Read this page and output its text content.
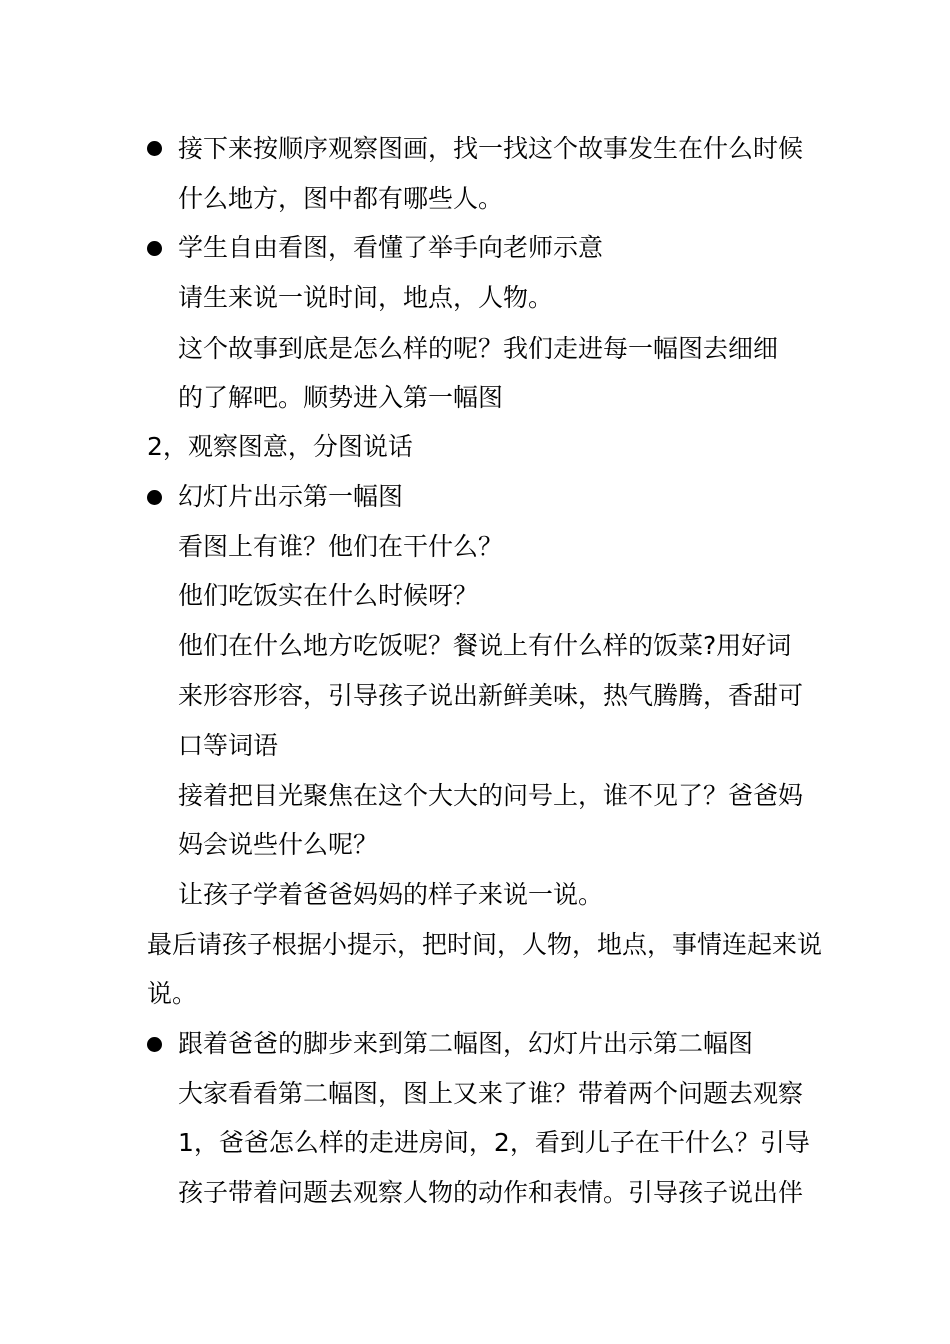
接下来按顺序观察图画，找一找这个故事发生在什么时候
什么地方，图中都有哪些人。
学生自由看图，看懂了举手向老师示意
请生来说一说时间，地点，人物。
这个故事到底是怎么样的呢？我们走进每一幅图去细细
的了解吧。顺势进入第一幅图
2，观察图意，分图说话
幻灯片出示第一幅图
看图上有谁？他们在干什么？
他们吃饭实在什么时候呀？
他们在什么地方吃饭呢？餐说上有什么样的饭菜?用好词
来形容形容，引导孩子说出新鲜美味，热气腾腾，香甜可
口等词语
接着把目光聚焦在这个大大的问号上，谁不见了？爸爸妈
妈会说些什么呢？
让孩子学着爸爸妈妈的样子来说一说。
最后请孩子根据小提示，把时间，人物，地点，事情连起来说
说。
跟着爸爸的脚步来到第二幅图，幻灯片出示第二幅图
大家看看第二幅图，图上又来了谁？带着两个问题去观察
1，爸爸怎么样的走进房间，2，看到儿子在干什么？引导
孩子带着问题去观察人物的动作和表情。引导孩子说出伴
